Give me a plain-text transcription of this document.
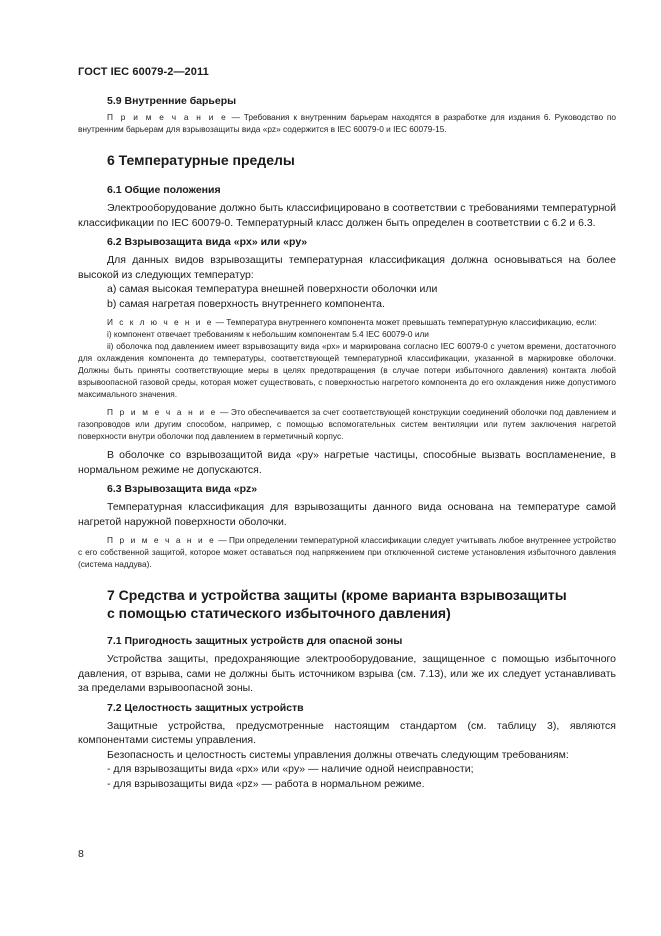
ГОСТ IEC 60079-2—2011

5.9 Внутренние барьеры

П р и м е ч а н и е — Требования к внутренним барьерам находятся в разработке для издания 6. Руководство по внутренним барьерам для взрывозащиты вида «pz» содержится в IEC 60079-0 и IEC 60079-15.

6 Температурные пределы

6.1 Общие положения

Электрооборудование должно быть классифицировано в соответствии с требованиями температурной классификации по IEC 60079-0. Температурный класс должен быть определен в соответствии с 6.2 и 6.3.

6.2 Взрывозащита вида «px» или «py»

Для данных видов взрывозащиты температурная классификация должна основываться на более высокой из следующих температур:

a) самая высокая температура внешней поверхности оболочки или

b) самая нагретая поверхность внутреннего компонента.

И с к л ю ч е н и е — Температура внутреннего компонента может превышать температурную классификацию, если:

i) компонент отвечает требованиям к небольшим компонентам 5.4 IEC 60079-0 или

ii) оболочка под давлением имеет взрывозащиту вида «px» и маркирована согласно IEC 60079-0 с учетом времени, достаточного для охлаждения компонента до температуры, соответствующей температурной классификации, указанной в маркировке оболочки. Должны быть приняты соответствующие меры в целях предотвращения (в случае потери избыточного давления) контакта любой взрывоопасной газовой среды, которая может существовать, с поверхностью нагретого компонента до его охлаждения ниже допустимого максимального значения.

П р и м е ч а н и е — Это обеспечивается за счет соответствующей конструкции соединений оболочки под давлением и газопроводов или другим способом, например, с помощью вспомогательных систем вентиляции или путем заключения нагретой поверхности внутри оболочки под давлением в герметичный корпус.

В оболочке со взрывозащитой вида «py» нагретые частицы, способные вызвать воспламенение, в нормальном режиме не допускаются.

6.3 Взрывозащита вида «pz»

Температурная классификация для взрывозащиты данного вида основана на температуре самой нагретой наружной поверхности оболочки.

П р и м е ч а н и е — При определении температурной классификации следует учитывать любое внутреннее устройство с его собственной защитой, которое может оставаться под напряжением при отключенной системе установления избыточного давления (система наддува).

7 Средства и устройства защиты (кроме варианта взрывозащиты
с помощью статического избыточного давления)

7.1 Пригодность защитных устройств для опасной зоны

Устройства защиты, предохраняющие электрооборудование, защищенное с помощью избыточного давления, от взрыва, сами не должны быть источником взрыва (см. 7.13), или же их следует устанавливать за пределами взрывоопасной зоны.

7.2 Целостность защитных устройств

Защитные устройства, предусмотренные настоящим стандартом (см. таблицу 3), являются компонентами системы управления.

Безопасность и целостность системы управления должны отвечать следующим требованиям:

- для взрывозащиты вида «px» или «py» — наличие одной неисправности;

- для взрывозащиты вида «pz» — работа в нормальном режиме.

8
